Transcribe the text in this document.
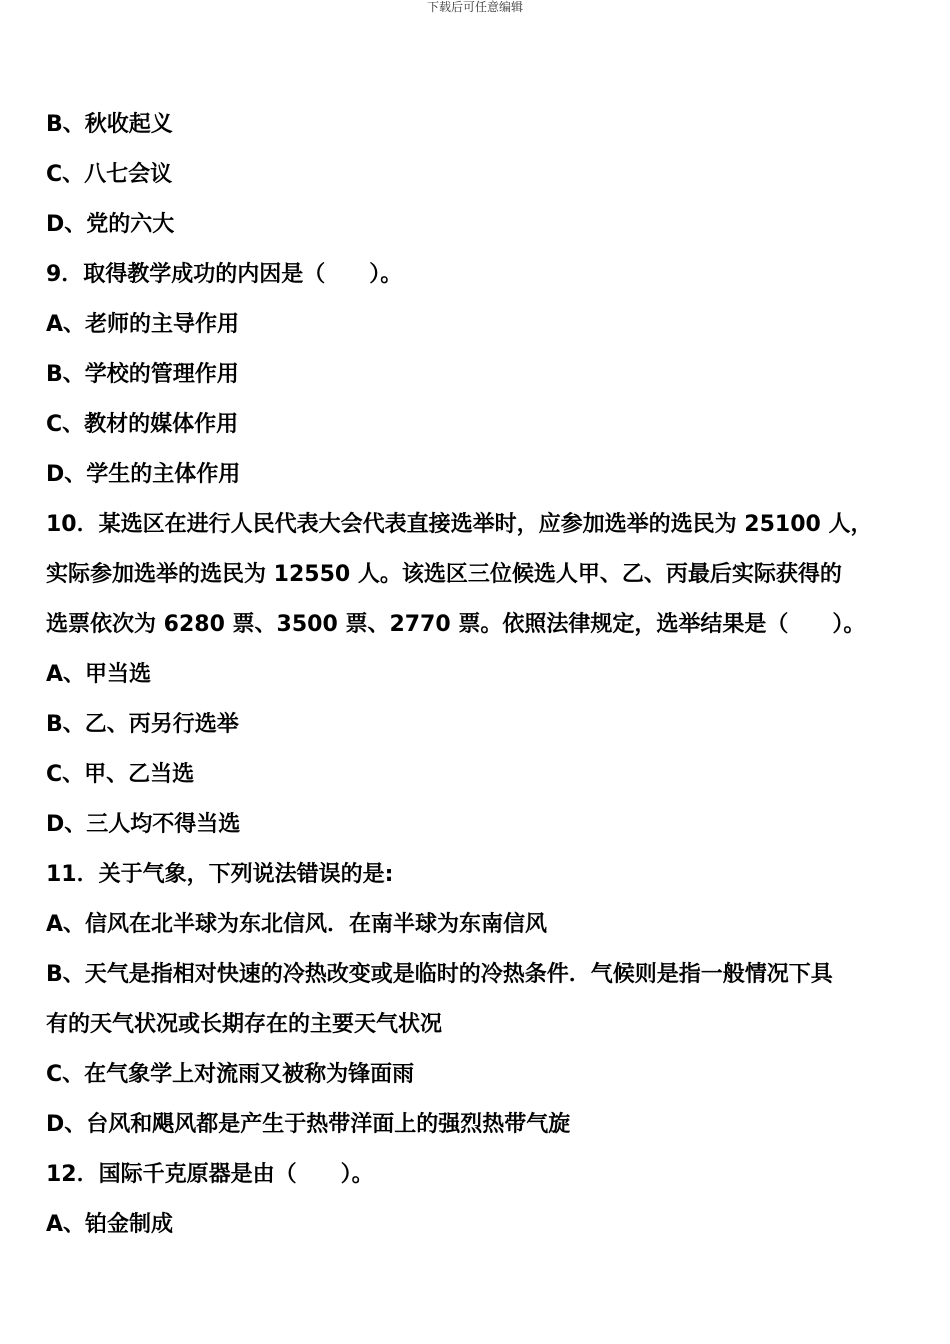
下载后可任意编辑
B、秋收起义
C、八七会议
D、党的六大
9．取得教学成功的内因是（　　）。
A、老师的主导作用
B、学校的管理作用
C、教材的媒体作用
D、学生的主体作用
10．某选区在进行人民代表大会代表直接选举时，应参加选举的选民为 25100 人，
实际参加选举的选民为 12550 人。该选区三位候选人甲、乙、丙最后实际获得的
选票依次为 6280 票、3500 票、2770 票。依照法律规定，选举结果是（　　）。
A、甲当选
B、乙、丙另行选举
C、甲、乙当选
D、三人均不得当选
11．关于气象，下列说法错误的是:
A、信风在北半球为东北信风．在南半球为东南信风
B、天气是指相对快速的冷热改变或是临时的冷热条件．气候则是指一般情况下具
有的天气状况或长期存在的主要天气状况
C、在气象学上对流雨又被称为锋面雨
D、台风和飓风都是产生于热带洋面上的强烈热带气旋
12．国际千克原器是由（　　）。
A、铂金制成
